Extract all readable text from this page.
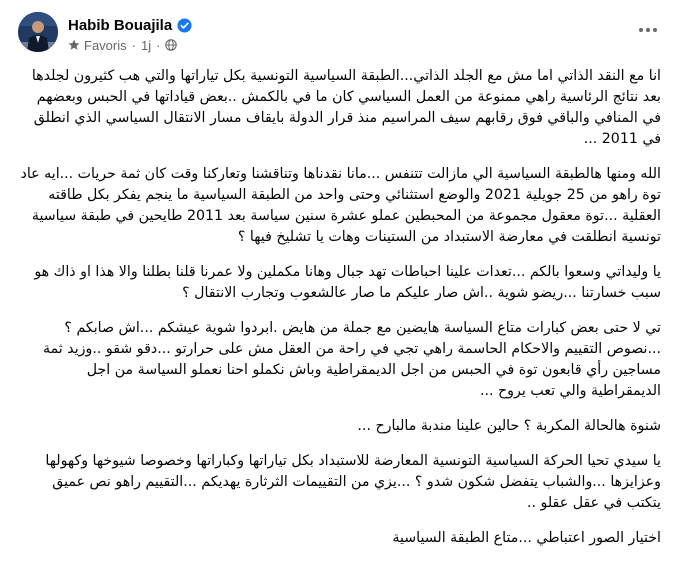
Habib Bouajila
Favoris · 1j ·

انا مع النقد الذاتي اما مش مع الجلد الذاتي...الطبقة السياسية التونسية بكل تياراتها والتي هب كثيرون لجلدها بعد نتائج الرئاسية راهي ممنوعة من العمل السياسي كان ما في بالكمش ..بعض قياداتها في الحبس وبعضهم في المنافي والباقي فوق رقابهم سيف المراسيم منذ قرار الدولة بايقاف مسار الانتقال السياسي الذي انطلق في 2011 ...

الله ومنها هالطبقة السياسية الي مازالت تتنفس ...مانا نقدناها وتناقشنا وتعاركنا وقت كان ثمة حريات ...ايه عاد توة راهو من 25 جويلية 2021 والوضع استثنائي وحتى واحد من الطبقة السياسية ما ينجم يفكر بكل طاقته العقلية ...توة معقول مجموعة من المحبطين عملو عشرة سنين سياسة بعد 2011 طايحين في طبقة سياسية تونسية انطلقت في معارضة الاستبداد من الستينات وهات يا تشليخ فيها ؟

يا وليداتي وسعوا بالكم ...تعدات علينا احباطات تهد جبال وهانا مكملين ولا عمرنا قلنا بطلنا والا هذا او ذاك هو سبب خسارتنا ...ريضو شوية ..اش صار عليكم ما صار عالشعوب وتجارب الانتقال ؟

تي لا حتى بعض كبارات متاع السياسة هايضين مع جملة من هايض .ابردوا شوية عيشكم ...اش صابكم ؟ ...نصوص التقييم والاحكام الحاسمة راهي تجي في راحة من العقل مش على حرارتو ...دقو شقو ..وزيد ثمة مساجين رأي قابعون توة في الحبس من اجل الديمقراطية وباش نكملو احنا نعملو السياسة من اجل الديمقراطية والي تعب يروح ...

شنوة هالحالة المكربة ؟ حالين علينا مندبة مالبارح ...

يا سيدي تحيا الحركة السياسية التونسية المعارضة للاستبداد بكل تياراتها وكباراتها وخصوصا شيوخها وكهولها وعزايزها ...والشباب يتفضل شكون شدو ؟ ...يزي من التقييمات الثرثارة يهديكم ...التقييم راهو نص عميق يتكتب في عقل عقلو ..

اختيار الصور اعتباطي ...متاع الطبقة السياسية
